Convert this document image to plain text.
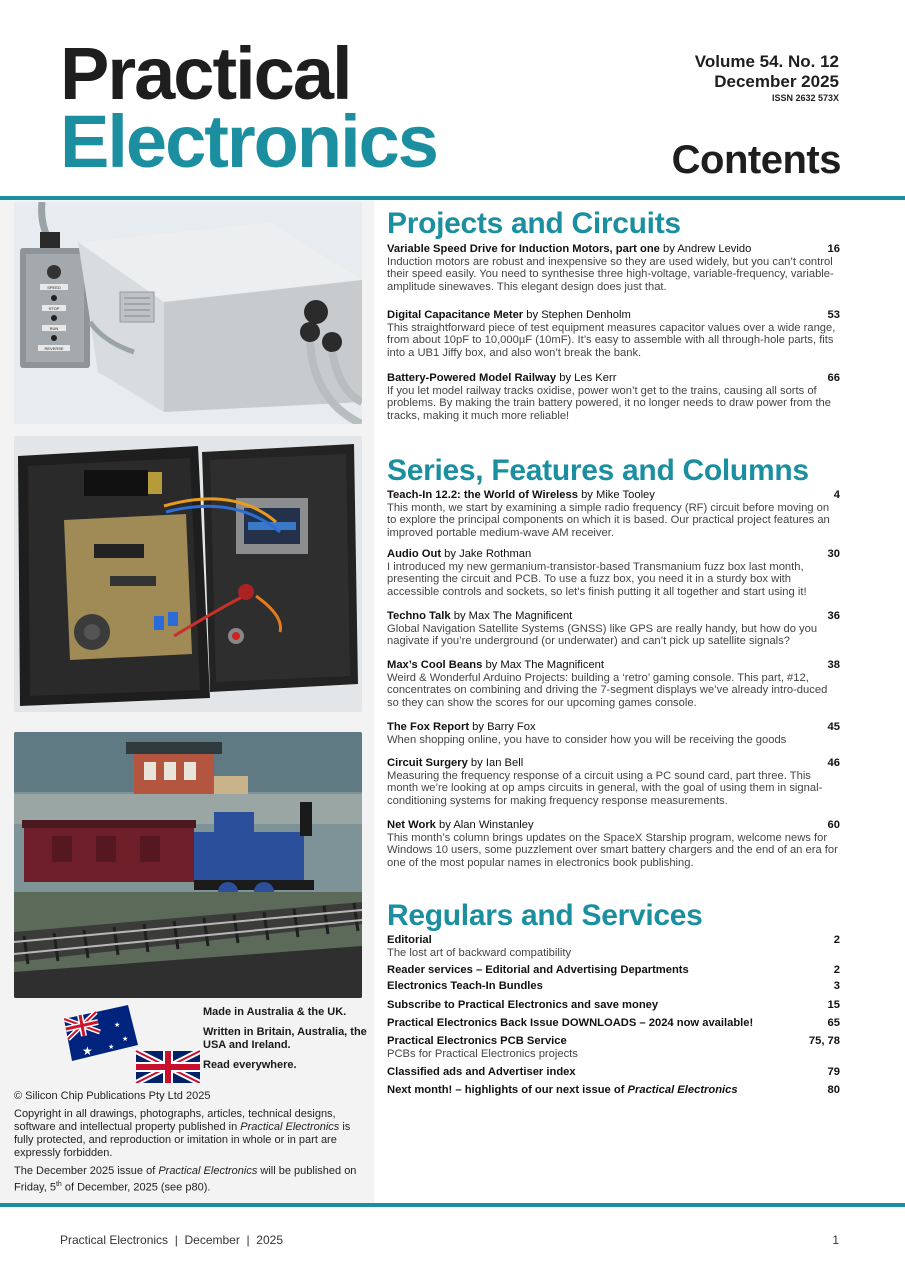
Practical
Electronics
Volume 54. No. 12
December 2025
ISSN 2632 573X
Contents
SPEED
STOP
RUN
REVERSE
★
★
★
★

Made in Australia & the UK.

Written in Britain, Australia, the USA and Ireland.

Read everywhere.

© Silicon Chip Publications Pty Ltd 2025

Copyright in all drawings, photographs, articles, technical designs, software and intellectual property published in Practical Electronics is fully protected, and reproduction or imitation in whole or in part are expressly forbidden.

The December 2025 issue of Practical Electronics will be published on Friday, 5th of December, 2025 (see p80).

Projects and Circuits
Variable Speed Drive for Induction Motors, part one by Andrew Levido	16
Induction motors are robust and inexpensive so they are used widely, but you can’t control their speed easily. You need to synthesise three high-voltage, variable-frequency, variable-amplitude sinewaves. This elegant design does just that.
Digital Capacitance Meter by Stephen Denholm	53
This straightforward piece of test equipment measures capacitor values over a wide range, from about 10pF to 10,000µF (10mF). It’s easy to assemble with all through-hole parts, fits into a UB1 Jiffy box, and also won’t break the bank.
Battery-Powered Model Railway by Les Kerr	66
If you let model railway tracks oxidise, power won’t get to the trains, causing all sorts of problems. By making the train battery powered, it no longer needs to draw power from the tracks, making it much more reliable!
Series, Features and Columns
Teach-In 12.2: the World of Wireless by Mike Tooley	4
This month, we start by examining a simple radio frequency (RF) circuit before moving on to explore the principal components on which it is based. Our practical project features an improved portable medium-wave AM receiver.
Audio Out by Jake Rothman	30
I introduced my new germanium-transistor-based Transmanium fuzz box last month, presenting the circuit and PCB. To use a fuzz box, you need it in a sturdy box with accessible controls and sockets, so let’s finish putting it all together and start using it!
Techno Talk by Max The Magnificent	36
Global Navigation Satellite Systems (GNSS) like GPS are really handy, but how do you nagivate if you’re underground (or underwater) and can’t pick up satellite signals?
Max’s Cool Beans by Max The Magnificent	38
Weird & Wonderful Arduino Projects: building a ‘retro’ gaming console. This part, #12, concentrates on combining and driving the 7-segment displays we’ve already intro-duced so they can show the scores for our upcoming games console.
The Fox Report by Barry Fox	45
When shopping online, you have to consider how you will be receiving the goods
Circuit Surgery by Ian Bell	46
Measuring the frequency response of a circuit using a PC sound card, part three. This month we’re looking at op amps circuits in general, with the goal of using them in signal-conditioning systems for making frequency response measurements.
Net Work by Alan Winstanley	60
This month’s column brings updates on the SpaceX Starship program, welcome news for Windows 10 users, some puzzlement over smart battery chargers and the end of an era for one of the most popular names in electronics book publishing.
Regulars and Services
Editorial	2
The lost art of backward compatibility
Reader services – Editorial and Advertising Departments	2
Electronics Teach-In Bundles	3
Subscribe to Practical Electronics and save money	15
Practical Electronics Back Issue DOWNLOADS – 2024 now available!	65
Practical Electronics PCB Service	75, 78
PCBs for Practical Electronics projects
Classified ads and Advertiser index	79
Next month! – highlights of our next issue of Practical Electronics	80

Practical Electronics  |  December  |  2025	1
